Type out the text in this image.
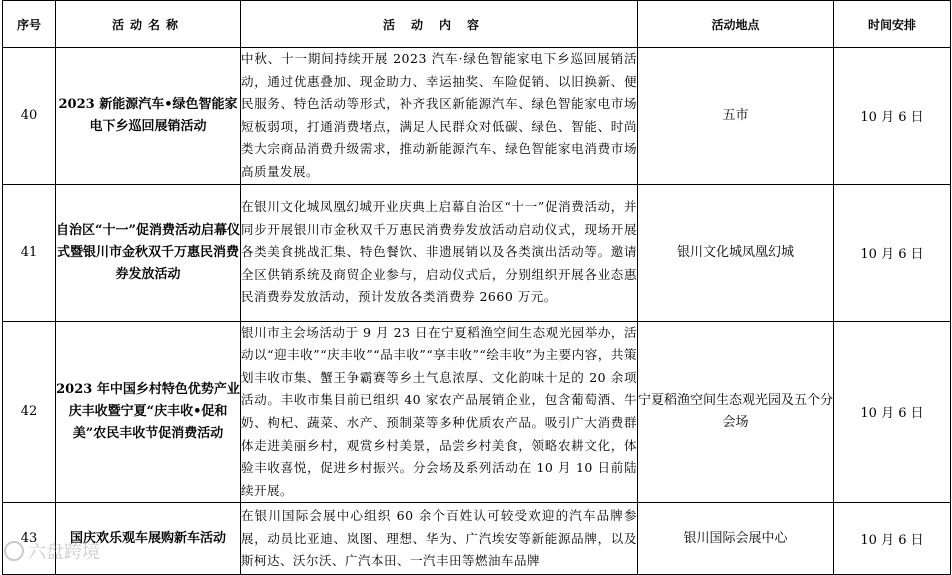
序号	活动名称	活动内容	活动地点	时间安排
40	2023 新能源汽车•绿色智能家电下乡巡回展销活动	中秋、十一期间持续开展 2023 汽车·绿色智能家电下乡巡回展销活动，通过优惠叠加、现金助力、幸运抽奖、车险促销、以旧换新、便民服务、特色活动等形式，补齐我区新能源汽车、绿色智能家电市场短板弱项，打通消费堵点，满足人民群众对低碳、绿色、智能、时尚类大宗商品消费升级需求，推动新能源汽车、绿色智能家电消费市场高质量发展。	五市	10 月 6 日
41	自治区“十一”促消费活动启幕仪式暨银川市金秋双千万惠民消费券发放活动	在银川文化城凤凰幻城开业庆典上启幕自治区“十一”促消费活动，并同步开展银川市金秋双千万惠民消费券发放活动启动仪式，现场开展各类美食挑战汇集、特色餐饮、非遗展销以及各类演出活动等。邀请全区供销系统及商贸企业参与，启动仪式后，分别组织开展各业态惠民消费券发放活动，预计发放各类消费券 2660 万元。	银川文化城凤凰幻城	10 月 6 日
42	2023 年中国乡村特色优势产业庆丰收暨宁夏“庆丰收•促和美”农民丰收节促消费活动	银川市主会场活动于 9 月 23 日在宁夏稻渔空间生态观光园举办，活动以“迎丰收”“庆丰收”“品丰收”“享丰收”“绘丰收”为主要内容，共策划丰收市集、蟹王争霸赛等乡土气息浓厚、文化韵味十足的 20 余项活动。丰收市集目前已组织 40 家农产品展销企业，包含葡萄酒、牛奶、枸杞、蔬菜、水产、预制菜等多种优质农产品。吸引广大消费群体走进美丽乡村，观赏乡村美景，品尝乡村美食，领略农耕文化，体验丰收喜悦，促进乡村振兴。分会场及系列活动在 10 月 10 日前陆续开展。	宁夏稻渔空间生态观光园及五个分会场	10 月 6 日
43	国庆欢乐观车展购新车活动	在银川国际会展中心组织 60 余个百姓认可较受欢迎的汽车品牌参展，动员比亚迪、岚图、理想、华为、广汽埃安等新能源品牌，以及斯柯达、沃尔沃、广汽本田、一汽丰田等燃油车品牌	银川国际会展中心	10 月 6 日
六盘跨境
